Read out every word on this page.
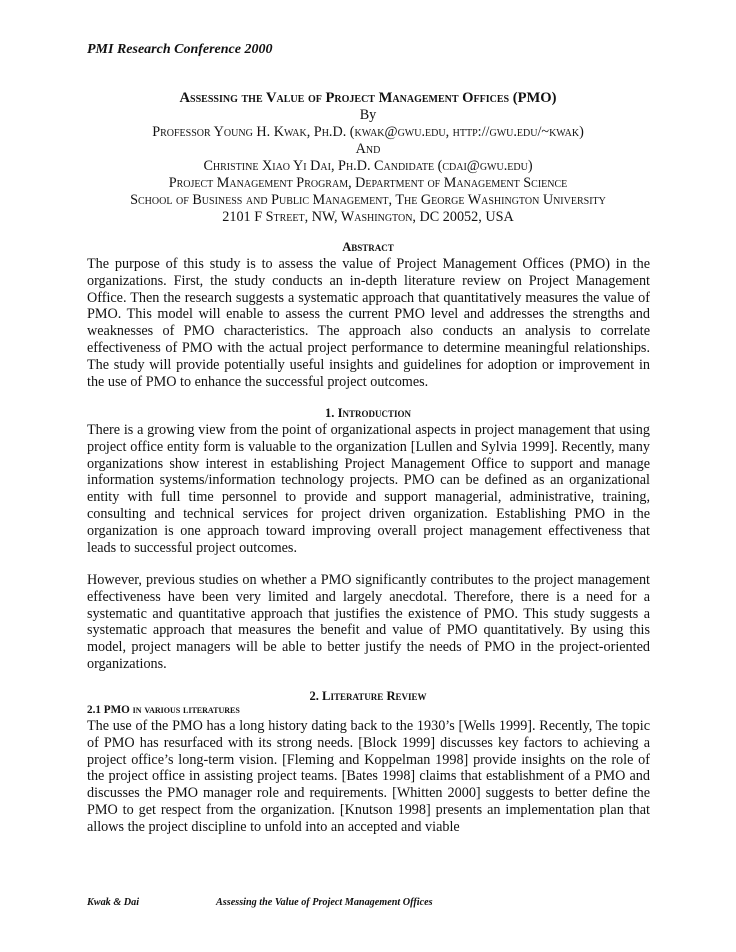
PMI Research Conference 2000
Assessing the Value of Project Management Offices (PMO)
By
Professor Young H. Kwak, Ph.D. (kwak@gwu.edu, http://gwu.edu/~kwak)
And
Christine Xiao Yi Dai, Ph.D. Candidate (cdai@gwu.edu)
Project Management Program, Department of Management Science
School of Business and Public Management, The George Washington University
2101 F Street, NW, Washington, DC 20052, USA
Abstract

The purpose of this study is to assess the value of Project Management Offices (PMO) in the organizations. First, the study conducts an in-depth literature review on Project Management Office. Then the research suggests a systematic approach that quantitatively measures the value of PMO. This model will enable to assess the current PMO level and addresses the strengths and weaknesses of PMO characteristics. The approach also conducts an analysis to correlate effectiveness of PMO with the actual project performance to determine meaningful relationships. The study will provide potentially useful insights and guidelines for adoption or improvement in the use of PMO to enhance the successful project outcomes.

1. Introduction

There is a growing view from the point of organizational aspects in project management that using project office entity form is valuable to the organization [Lullen and Sylvia 1999]. Recently, many organizations show interest in establishing Project Management Office to support and manage information systems/information technology projects. PMO can be defined as an organizational entity with full time personnel to provide and support managerial, administrative, training, consulting and technical services for project driven organization. Establishing PMO in the organization is one approach toward improving overall project management effectiveness that leads to successful project outcomes.

However, previous studies on whether a PMO significantly contributes to the project management effectiveness have been very limited and largely anecdotal. Therefore, there is a need for a systematic and quantitative approach that justifies the existence of PMO. This study suggests a systematic approach that measures the benefit and value of PMO quantitatively. By using this model, project managers will be able to better justify the needs of PMO in the project-oriented organizations.

2. Literature Review
2.1 PMO in various literatures

The use of the PMO has a long history dating back to the 1930’s [Wells 1999]. Recently, The topic of PMO has resurfaced with its strong needs. [Block 1999] discusses key factors to achieving a project office’s long-term vision. [Fleming and Koppelman 1998] provide insights on the role of the project office in assisting project teams. [Bates 1998] claims that establishment of a PMO and discusses the PMO manager role and requirements. [Whitten 2000] suggests to better define the PMO to get respect from the organization. [Knutson 1998] presents an implementation plan that allows the project discipline to unfold into an accepted and viable

Kwak & Dai	Assessing the Value of Project Management Offices
